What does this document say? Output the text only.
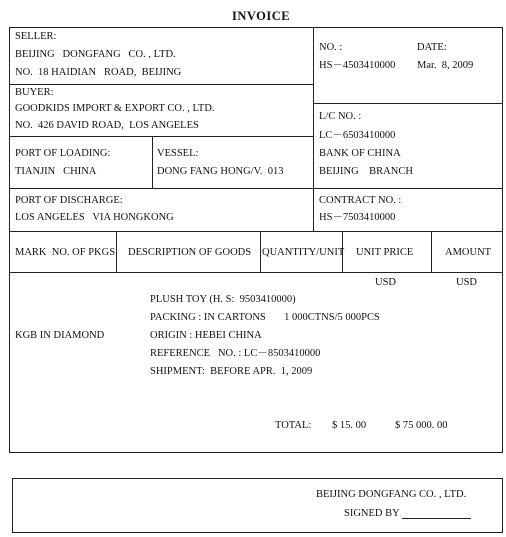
INVOICE
SELLER:
BEIJING   DONGFANG   CO. , LTD.
NO.  18 HAIDIAN   ROAD,  BEIJING
NO. :	DATE:
HS－4503410000 Mar.  8, 2009
BUYER:
GOODKIDS IMPORT & EXPORT CO. , LTD.
NO.  426 DAVID ROAD,  LOS ANGELES
L/C NO. :
LC－6503410000
BANK OF CHINA
BEIJING    BRANCH
PORT OF LOADING:
TIANJIN   CHINA
VESSEL:
DONG FANG HONG/V.  013
PORT OF DISCHARGE:
LOS ANGELES   VIA HONGKONG
CONTRACT NO. :
HS－7503410000
MARK  NO. OF PKGS DESCRIPTION OF GOODS QUANTITY/UNIT UNIT PRICE	AMOUNT
USD	USD
KGB IN DIAMOND
PLUSH TOY (H. S:  9503410000)
PACKING : IN CARTONS       1 000CTNS/5 000PCS
ORIGIN : HEBEI CHINA
REFERENCE   NO. : LC－8503410000
SHIPMENT:  BEFORE APR.  1, 2009
TOTAL: $ 15. 00	$ 75 000. 00
BEIJING DONGFANG CO. , LTD.
SIGNED BY
